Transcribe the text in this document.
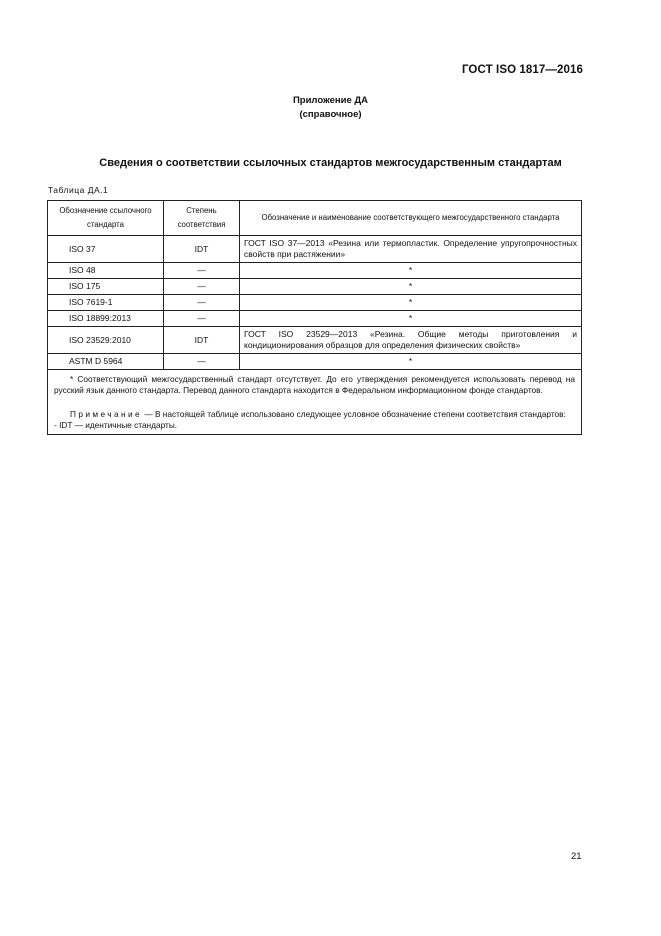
ГОСТ ISO 1817—2016
Приложение ДА
(справочное)
Сведения о соответствии ссылочных стандартов межгосударственным стандартам
Таблица ДА.1
Обозначение ссылочного стандарта	Степень соответствия	Обозначение и наименование соответствующего межгосударственного стандарта
ISO 37	IDT	ГОСТ ISO 37—2013 «Резина или термопластик. Определение упругопрочностных свойств при растяжении»
ISO 48	—	*
ISO 175	—	*
ISO 7619-1	—	*
ISO 18899:2013	—	*
ISO 23529:2010	IDT	ГОСТ ISO 23529—2013 «Резина. Общие методы приготовления и кондиционирования образцов для определения физических свойств»
ASTM D 5964	—	*

* Соответствующий межгосударственный стандарт отсутствует. До его утверждения рекомендуется использовать перевод на русский язык данного стандарта. Перевод данного стандарта находится в Федеральном информационном фонде стандартов.

Примечание — В настоящей таблице использовано следующее условное обозначение степени соответствия стандартов:

- IDT — идентичные стандарты.		

21
